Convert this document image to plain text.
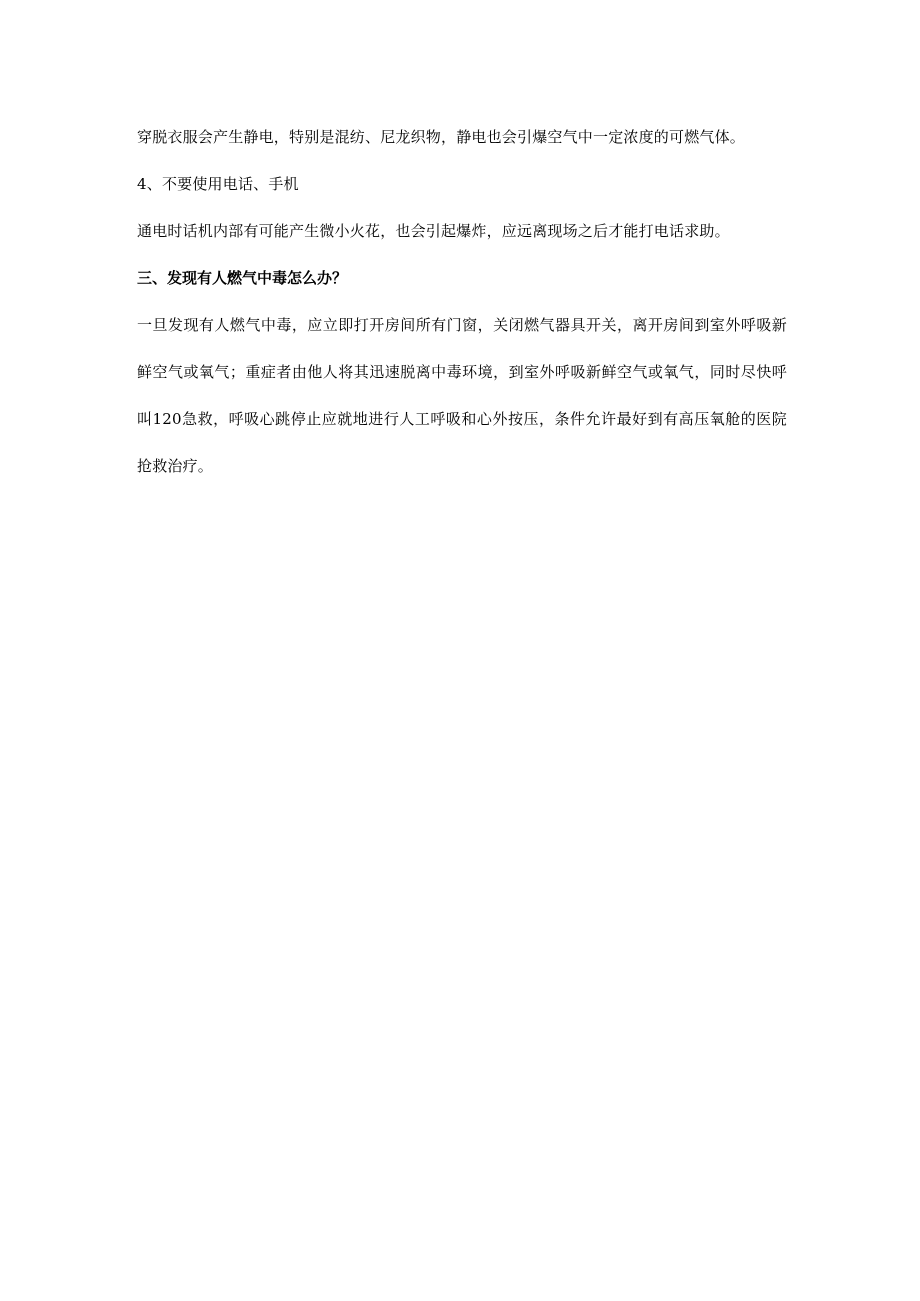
穿脱衣服会产生静电，特别是混纺、尼龙织物，静电也会引爆空气中一定浓度的可燃气体。

4、不要使用电话、手机

通电时话机内部有可能产生微小火花，也会引起爆炸，应远离现场之后才能打电话求助。

三、发现有人燃气中毒怎么办？

一旦发现有人燃气中毒，应立即打开房间所有门窗，关闭燃气器具开关，离开房间到室外呼吸新鲜空气或氧气；重症者由他人将其迅速脱离中毒环境，到室外呼吸新鲜空气或氧气，同时尽快呼叫120急救，呼吸心跳停止应就地进行人工呼吸和心外按压，条件允许最好到有高压氧舱的医院抢救治疗。
